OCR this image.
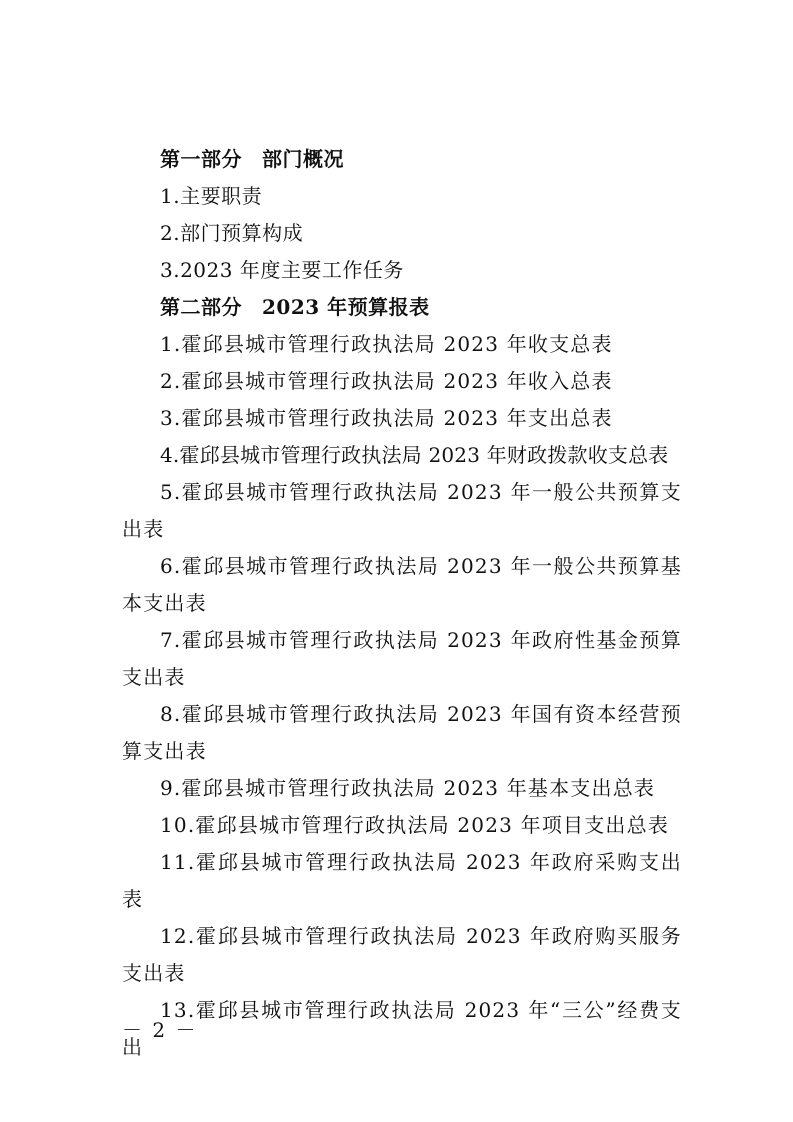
第一部分 部门概况
1.主要职责
2.部门预算构成
3.2023 年度主要工作任务
第二部分 2023 年预算报表
1.霍邱县城市管理行政执法局 2023 年收支总表
2.霍邱县城市管理行政执法局 2023 年收入总表
3.霍邱县城市管理行政执法局 2023 年支出总表
4.霍邱县城市管理行政执法局 2023 年财政拨款收支总表
5.霍邱县城市管理行政执法局 2023 年一般公共预算支出表
6.霍邱县城市管理行政执法局 2023 年一般公共预算基本支出表
7.霍邱县城市管理行政执法局 2023 年政府性基金预算支出表
8.霍邱县城市管理行政执法局 2023 年国有资本经营预算支出表
9.霍邱县城市管理行政执法局 2023 年基本支出总表
10.霍邱县城市管理行政执法局 2023 年项目支出总表
11.霍邱县城市管理行政执法局 2023 年政府采购支出表
12.霍邱县城市管理行政执法局 2023 年政府购买服务支出表
13.霍邱县城市管理行政执法局 2023 年“三公”经费支出
－ 2 －
